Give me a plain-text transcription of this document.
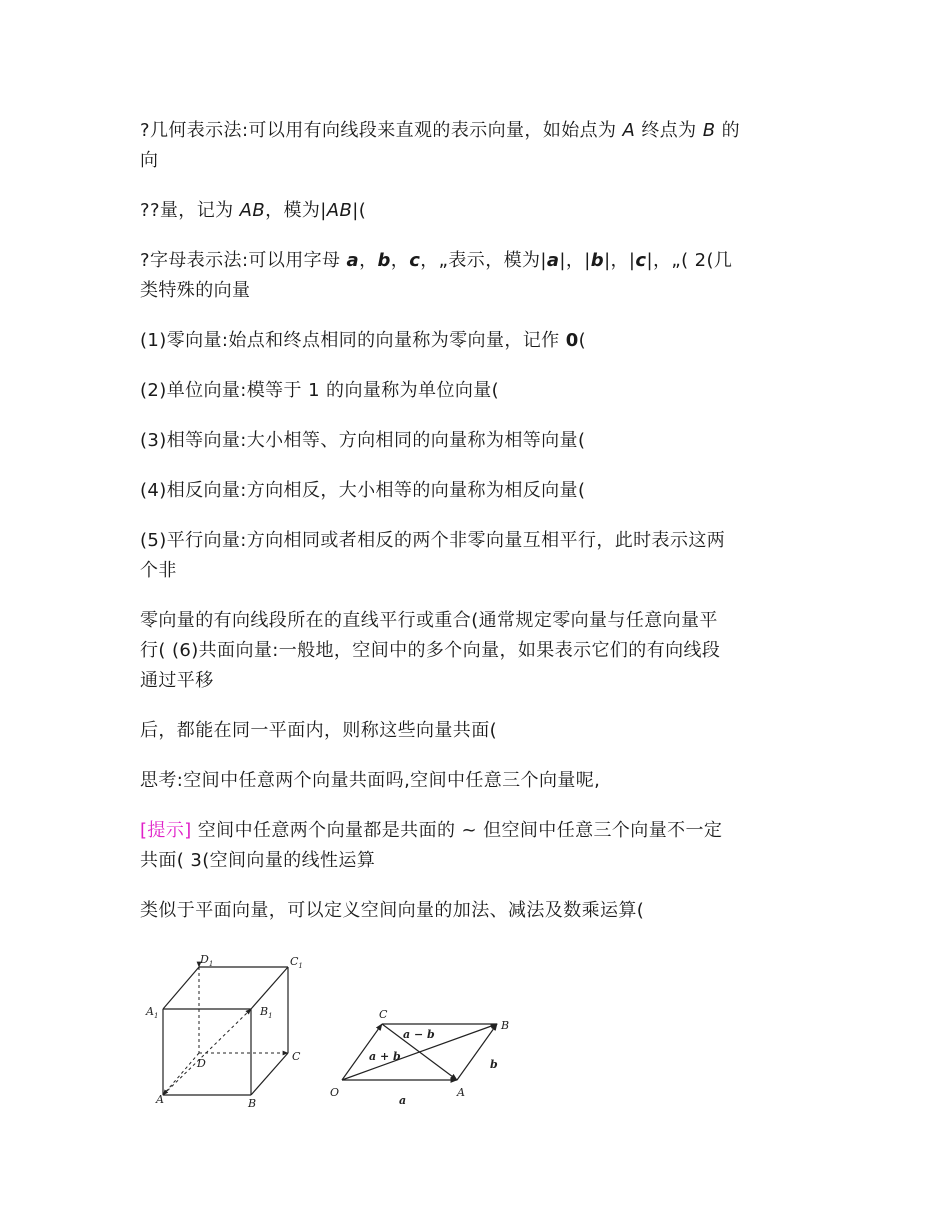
?几何表示法:可以用有向线段来直观的表示向量，如始点为 A 终点为 B 的
向

??量，记为 AB，模为|AB|(

?字母表示法:可以用字母 a，b，c，„表示，模为|a|，|b|，|c|，„( 2(几
类特殊的向量

(1)零向量:始点和终点相同的向量称为零向量，记作 0(

(2)单位向量:模等于 1 的向量称为单位向量(

(3)相等向量:大小相等、方向相同的向量称为相等向量(

(4)相反向量:方向相反，大小相等的向量称为相反向量(

(5)平行向量:方向相同或者相反的两个非零向量互相平行，此时表示这两
个非

零向量的有向线段所在的直线平行或重合(通常规定零向量与任意向量平
行( (6)共面向量:一般地，空间中的多个向量，如果表示它们的有向线段
通过平移

后，都能在同一平面内，则称这些向量共面(

思考:空间中任意两个向量共面吗,空间中任意三个向量呢,

[提示] 空间中任意两个向量都是共面的 ~ 但空间中任意三个向量不一定
共面( 3(空间向量的线性运算

类似于平面向量，可以定义空间向量的加法、减法及数乘运算(

$D_1$	$C_1$
$A_1$	$B_1$
D
C
A	B
C
B
O	A
a − b
a + b
b
a
